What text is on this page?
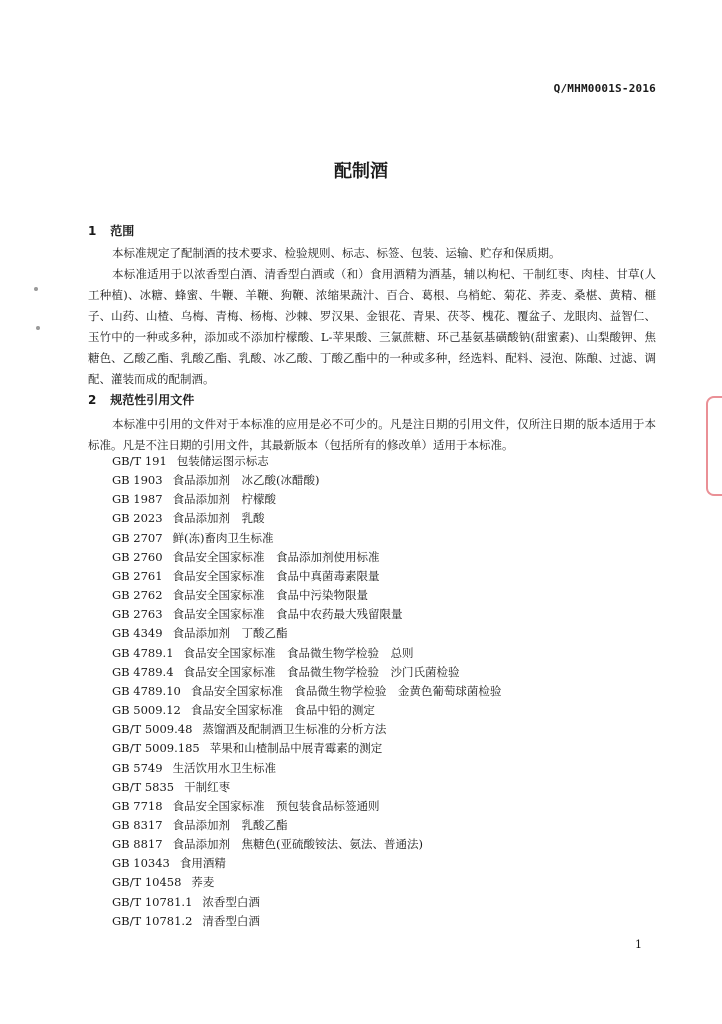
Q/MHM0001S-2016
配制酒
1 范围

本标准规定了配制酒的技术要求、检验规则、标志、标签、包装、运输、贮存和保质期。

本标准适用于以浓香型白酒、清香型白酒或（和）食用酒精为酒基，辅以枸杞、干制红枣、肉桂、甘草(人工种植)、冰糖、蜂蜜、牛鞭、羊鞭、狗鞭、浓缩果蔬汁、百合、葛根、乌梢蛇、菊花、荞麦、桑椹、黄精、榧子、山药、山楂、乌梅、青梅、杨梅、沙棘、罗汉果、金银花、青果、茯苓、槐花、覆盆子、龙眼肉、益智仁、玉竹中的一种或多种，添加或不添加柠檬酸、L-苹果酸、三氯蔗糖、环己基氨基磺酸钠(甜蜜素)、山梨酸钾、焦糖色、乙酸乙酯、乳酸乙酯、乳酸、冰乙酸、丁酸乙酯中的一种或多种，经选料、配料、浸泡、陈酿、过滤、调配、灌装而成的配制酒。

2 规范性引用文件

本标准中引用的文件对于本标准的应用是必不可少的。凡是注日期的引用文件，仅所注日期的版本适用于本标准。凡是不注日期的引用文件，其最新版本（包括所有的修改单）适用于本标准。

GB/T 191 包装储运图示标志
GB 1903 食品添加剂　冰乙酸(冰醋酸)
GB 1987 食品添加剂　柠檬酸
GB 2023 食品添加剂　乳酸
GB 2707 鲜(冻)畜肉卫生标准
GB 2760 食品安全国家标准　食品添加剂使用标准
GB 2761 食品安全国家标准　食品中真菌毒素限量
GB 2762 食品安全国家标准　食品中污染物限量
GB 2763 食品安全国家标准　食品中农药最大残留限量
GB 4349 食品添加剂　丁酸乙酯
GB 4789.1 食品安全国家标准　食品微生物学检验　总则
GB 4789.4 食品安全国家标准　食品微生物学检验　沙门氏菌检验
GB 4789.10 食品安全国家标准　食品微生物学检验　金黄色葡萄球菌检验
GB 5009.12 食品安全国家标准　食品中铅的测定
GB/T 5009.48 蒸馏酒及配制酒卫生标准的分析方法
GB/T 5009.185 苹果和山楂制品中展青霉素的测定
GB 5749 生活饮用水卫生标准
GB/T 5835 干制红枣
GB 7718 食品安全国家标准　预包装食品标签通则
GB 8317 食品添加剂　乳酸乙酯
GB 8817 食品添加剂　焦糖色(亚硫酸铵法、氨法、普通法)
GB 10343 食用酒精
GB/T 10458 荞麦
GB/T 10781.1 浓香型白酒
GB/T 10781.2 清香型白酒
1
